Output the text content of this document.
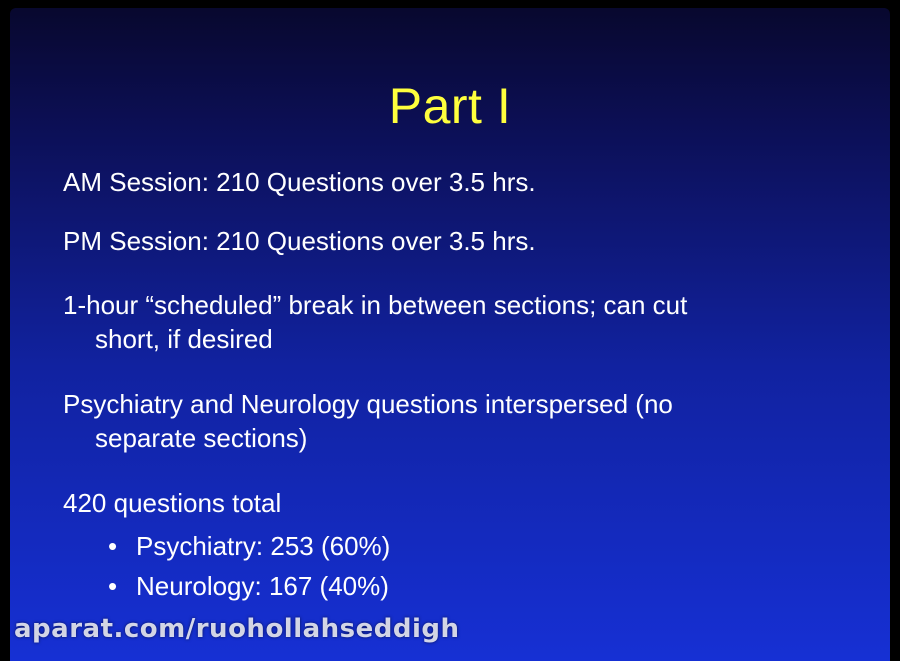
Part I
AM Session: 210 Questions over 3.5 hrs.
PM Session: 210 Questions over 3.5 hrs.
1-hour “scheduled” break in between sections; can cut
short, if desired
Psychiatry and Neurology questions interspersed (no
separate sections)
420 questions total
• Psychiatry: 253 (60%)
• Neurology: 167 (40%)
aparat.com/ruohollahseddigh
